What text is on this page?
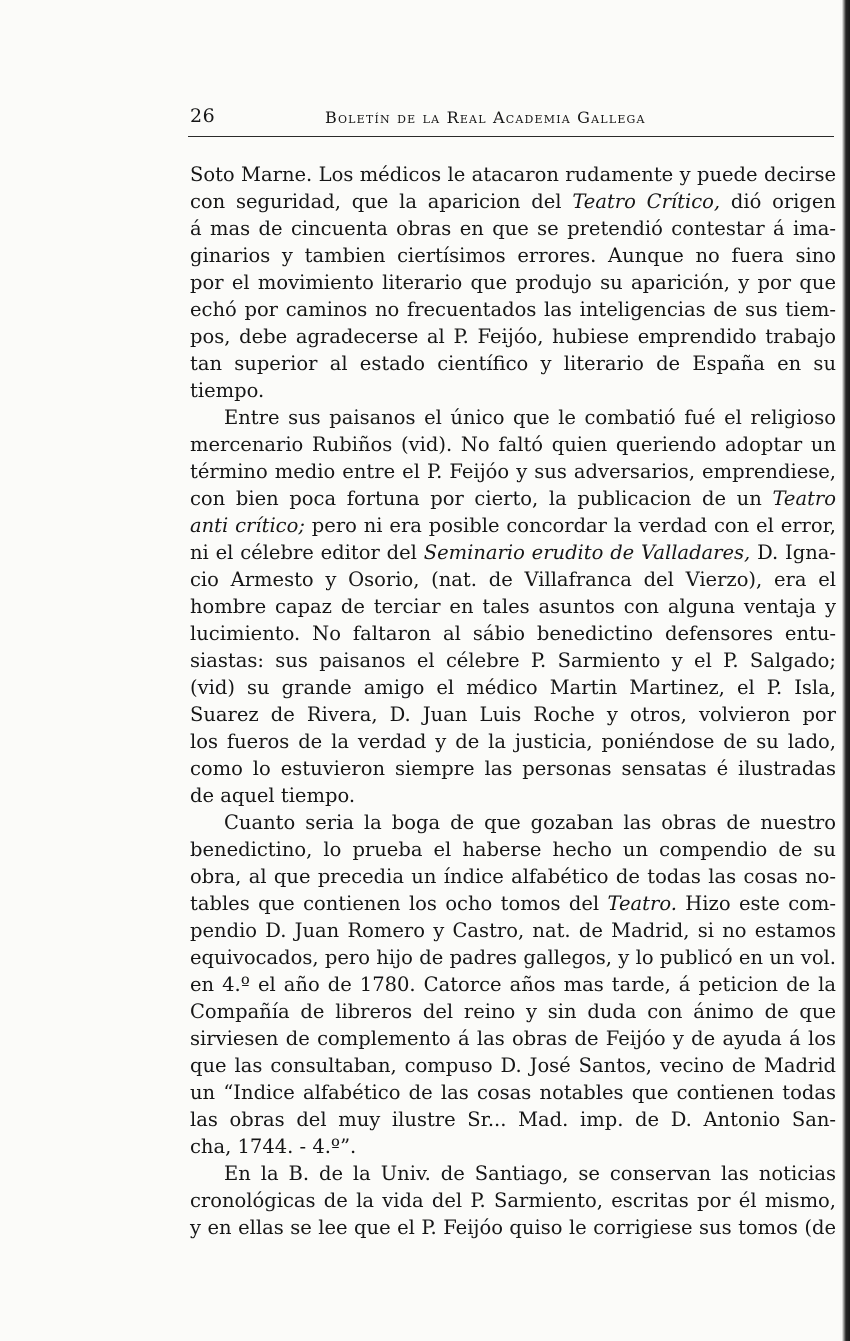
26	Boletín de la Real Academia Gallega
Soto Marne. Los médicos le atacaron rudamente y puede decirse
con seguridad, que la aparicion del Teatro Crítico, dió origen
á mas de cincuenta obras en que se pretendió contestar á ima-
ginarios y tambien ciertísimos errores. Aunque no fuera sino
por el movimiento literario que produjo su aparición, y por que
echó por caminos no frecuentados las inteligencias de sus tiem-
pos, debe agradecerse al P. Feijóo, hubiese emprendido trabajo
tan superior al estado científico y literario de España en su
tiempo.
Entre sus paisanos el único que le combatió fué el religioso
mercenario Rubiños (vid). No faltó quien queriendo adoptar un
término medio entre el P. Feijóo y sus adversarios, emprendiese,
con bien poca fortuna por cierto, la publicacion de un Teatro
anti crítico; pero ni era posible concordar la verdad con el error,
ni el célebre editor del Seminario erudito de Valladares, D. Igna-
cio Armesto y Osorio, (nat. de Villafranca del Vierzo), era el
hombre capaz de terciar en tales asuntos con alguna ventaja y
lucimiento. No faltaron al sábio benedictino defensores entu-
siastas: sus paisanos el célebre P. Sarmiento y el P. Salgado;
(vid) su grande amigo el médico Martin Martinez, el P. Isla,
Suarez de Rivera, D. Juan Luis Roche y otros, volvieron por
los fueros de la verdad y de la justicia, poniéndose de su lado,
como lo estuvieron siempre las personas sensatas é ilustradas
de aquel tiempo.
Cuanto seria la boga de que gozaban las obras de nuestro
benedictino, lo prueba el haberse hecho un compendio de su
obra, al que precedia un índice alfabético de todas las cosas no-
tables que contienen los ocho tomos del Teatro. Hizo este com-
pendio D. Juan Romero y Castro, nat. de Madrid, si no estamos
equivocados, pero hijo de padres gallegos, y lo publicó en un vol.
en 4.º el año de 1780. Catorce años mas tarde, á peticion de la
Compañía de libreros del reino y sin duda con ánimo de que
sirviesen de complemento á las obras de Feijóo y de ayuda á los
que las consultaban, compuso D. José Santos, vecino de Madrid
un “Indice alfabético de las cosas notables que contienen todas
las obras del muy ilustre Sr... Mad. imp. de D. Antonio San-
cha, 1744. - 4.º”.
En la B. de la Univ. de Santiago, se conservan las noticias
cronológicas de la vida del P. Sarmiento, escritas por él mismo,
y en ellas se lee que el P. Feijóo quiso le corrigiese sus tomos (de
